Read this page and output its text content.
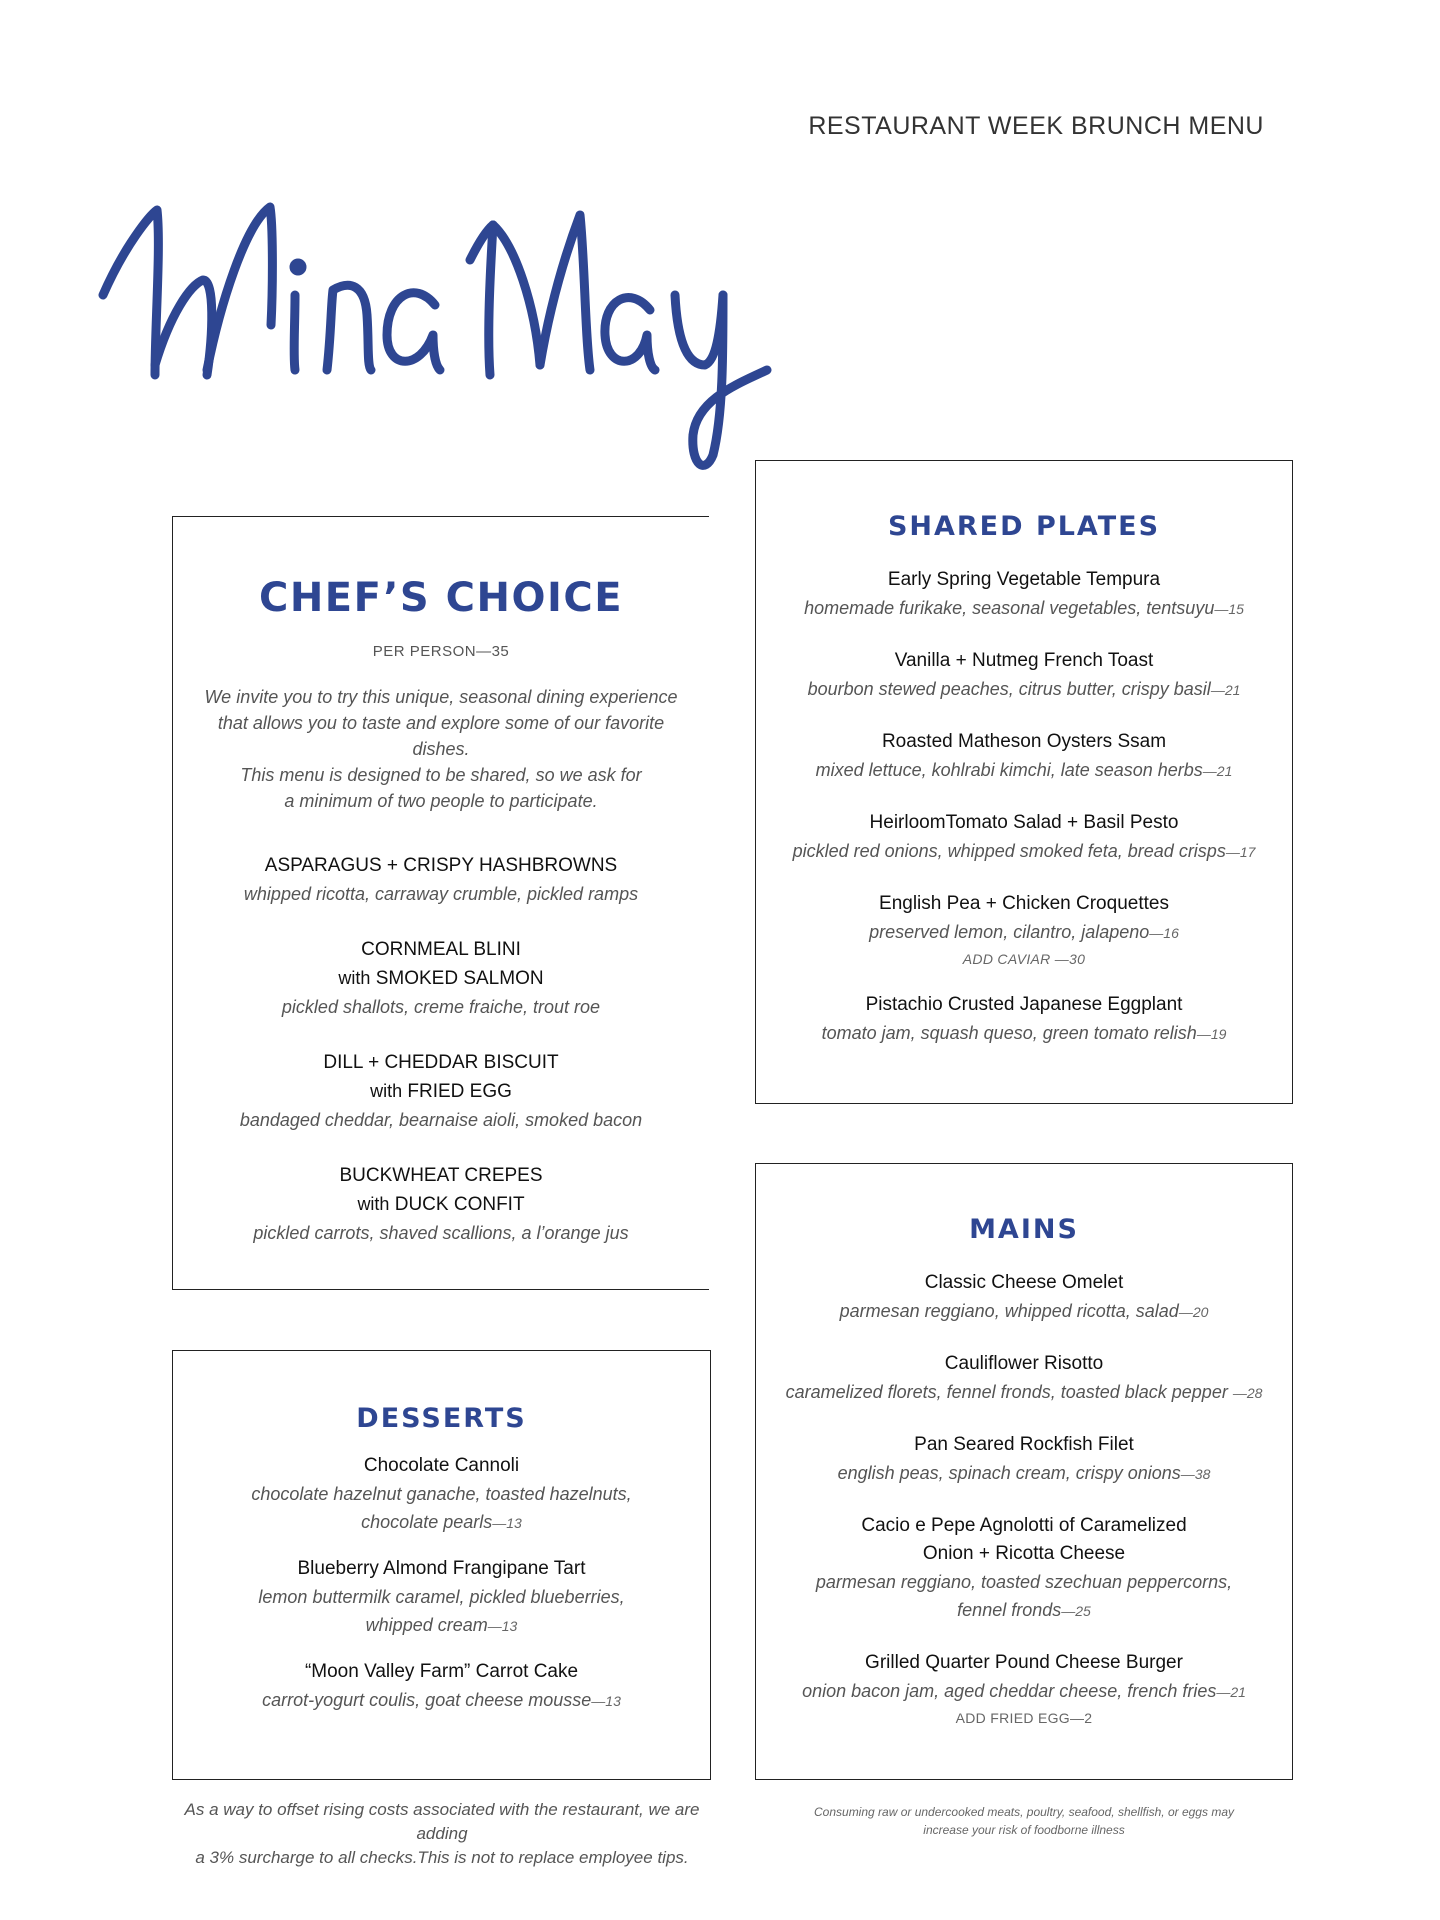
RESTAURANT WEEK BRUNCH MENU
CHEF’S CHOICE
PER PERSON—35
We invite you to try this unique, seasonal dining experience
that allows you to taste and explore some of our favorite dishes.
This menu is designed to be shared, so we ask for
a minimum of two people to participate.
ASPARAGUS + CRISPY HASHBROWNS
whipped ricotta, carraway crumble, pickled ramps
CORNMEAL BLINI
with SMOKED SALMON
pickled shallots, creme fraiche, trout roe
DILL + CHEDDAR BISCUIT
with FRIED EGG
bandaged cheddar, bearnaise aioli, smoked bacon
BUCKWHEAT CREPES
with DUCK CONFIT
pickled carrots, shaved scallions, a l’orange jus
SHARED PLATES
Early Spring Vegetable Tempura
homemade furikake, seasonal vegetables, tentsuyu—15
Vanilla + Nutmeg French Toast
bourbon stewed peaches, citrus butter, crispy basil—21
Roasted Matheson Oysters Ssam
mixed lettuce, kohlrabi kimchi, late season herbs—21
HeirloomTomato Salad + Basil Pesto
pickled red onions, whipped smoked feta, bread crisps—17
English Pea + Chicken Croquettes
preserved lemon, cilantro, jalapeno—16
ADD CAVIAR —30
Pistachio Crusted Japanese Eggplant
tomato jam, squash queso, green tomato relish—19
DESSERTS
Chocolate Cannoli
chocolate hazelnut ganache, toasted hazelnuts,
chocolate pearls—13
Blueberry Almond Frangipane Tart
lemon buttermilk caramel, pickled blueberries,
whipped cream—13
“Moon Valley Farm” Carrot Cake
carrot-yogurt coulis, goat cheese mousse—13
MAINS
Classic Cheese Omelet
parmesan reggiano, whipped ricotta, salad—20
Cauliflower Risotto
caramelized florets, fennel fronds, toasted black pepper —28
Pan Seared Rockfish Filet
english peas, spinach cream, crispy onions—38
Cacio e Pepe Agnolotti of Caramelized
Onion + Ricotta Cheese
parmesan reggiano, toasted szechuan peppercorns,
fennel fronds—25
Grilled Quarter Pound Cheese Burger
onion bacon jam, aged cheddar cheese, french fries—21
ADD FRIED EGG—2
As a way to offset rising costs associated with the restaurant, we are adding
a 3% surcharge to all checks.This is not to replace employee tips.
Consuming raw or undercooked meats, poultry, seafood, shellfish, or eggs may
increase your risk of foodborne illness
